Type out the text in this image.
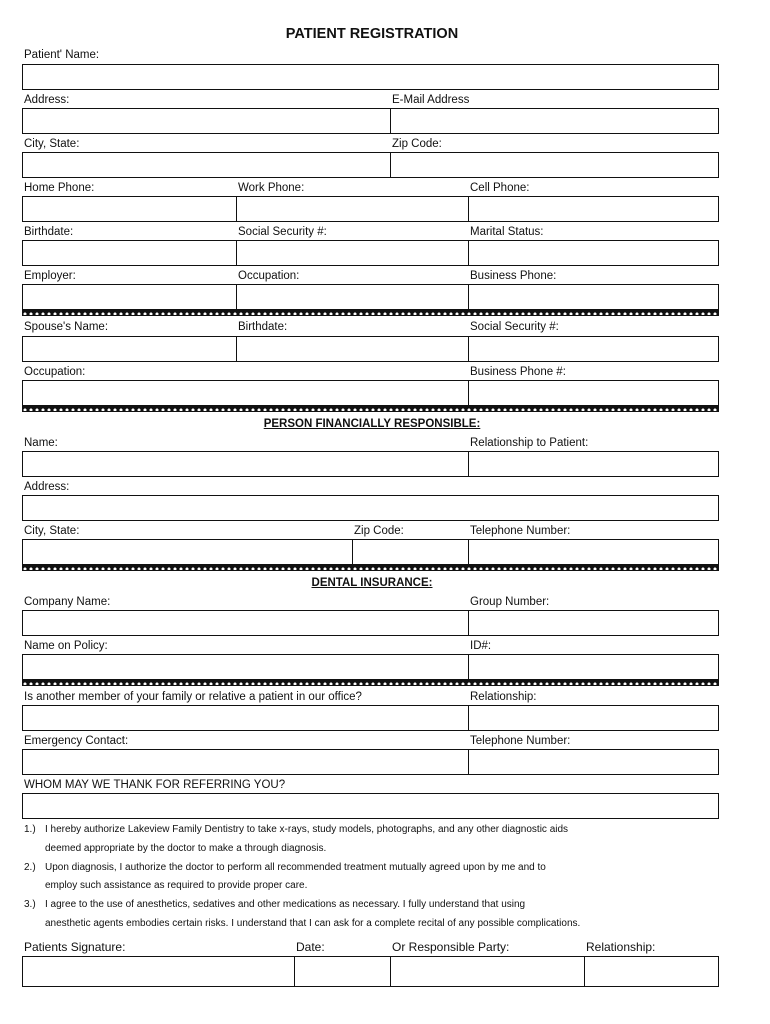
PATIENT REGISTRATION
Patient' Name:
Address:	E-Mail Address
City, State:	Zip Code:
Home Phone:	Work Phone:	Cell Phone:
Birthdate:	Social Security #:	Marital Status:
Employer:	Occupation:	Business Phone:
Spouse's Name:	Birthdate:	Social Security #:
Occupation:	Business Phone #:
PERSON FINANCIALLY RESPONSIBLE:
Name:	Relationship to Patient:
Address:
City, State:	Zip Code:	Telephone Number:
DENTAL INSURANCE:
Company Name:	Group Number:
Name on Policy:	ID#:
Is another member of your family or relative a patient in our office?	Relationship:
Emergency Contact:	Telephone Number:
WHOM MAY WE THANK FOR REFERRING YOU?
1.) I hereby authorize Lakeview Family Dentistry to take x-rays, study models, photographs, and any other diagnostic aids
deemed appropriate by the doctor to make a through diagnosis.
2.) Upon diagnosis, I authorize the doctor to perform all recommended treatment mutually agreed upon by me and to
employ such assistance as required to provide proper care.
3.) I agree to the use of anesthetics, sedatives and other medications as necessary. I fully understand that using
anesthetic agents embodies certain risks. I understand that I can ask for a complete recital of any possible complications.
Patients Signature:	Date:	Or Responsible Party:	Relationship:
